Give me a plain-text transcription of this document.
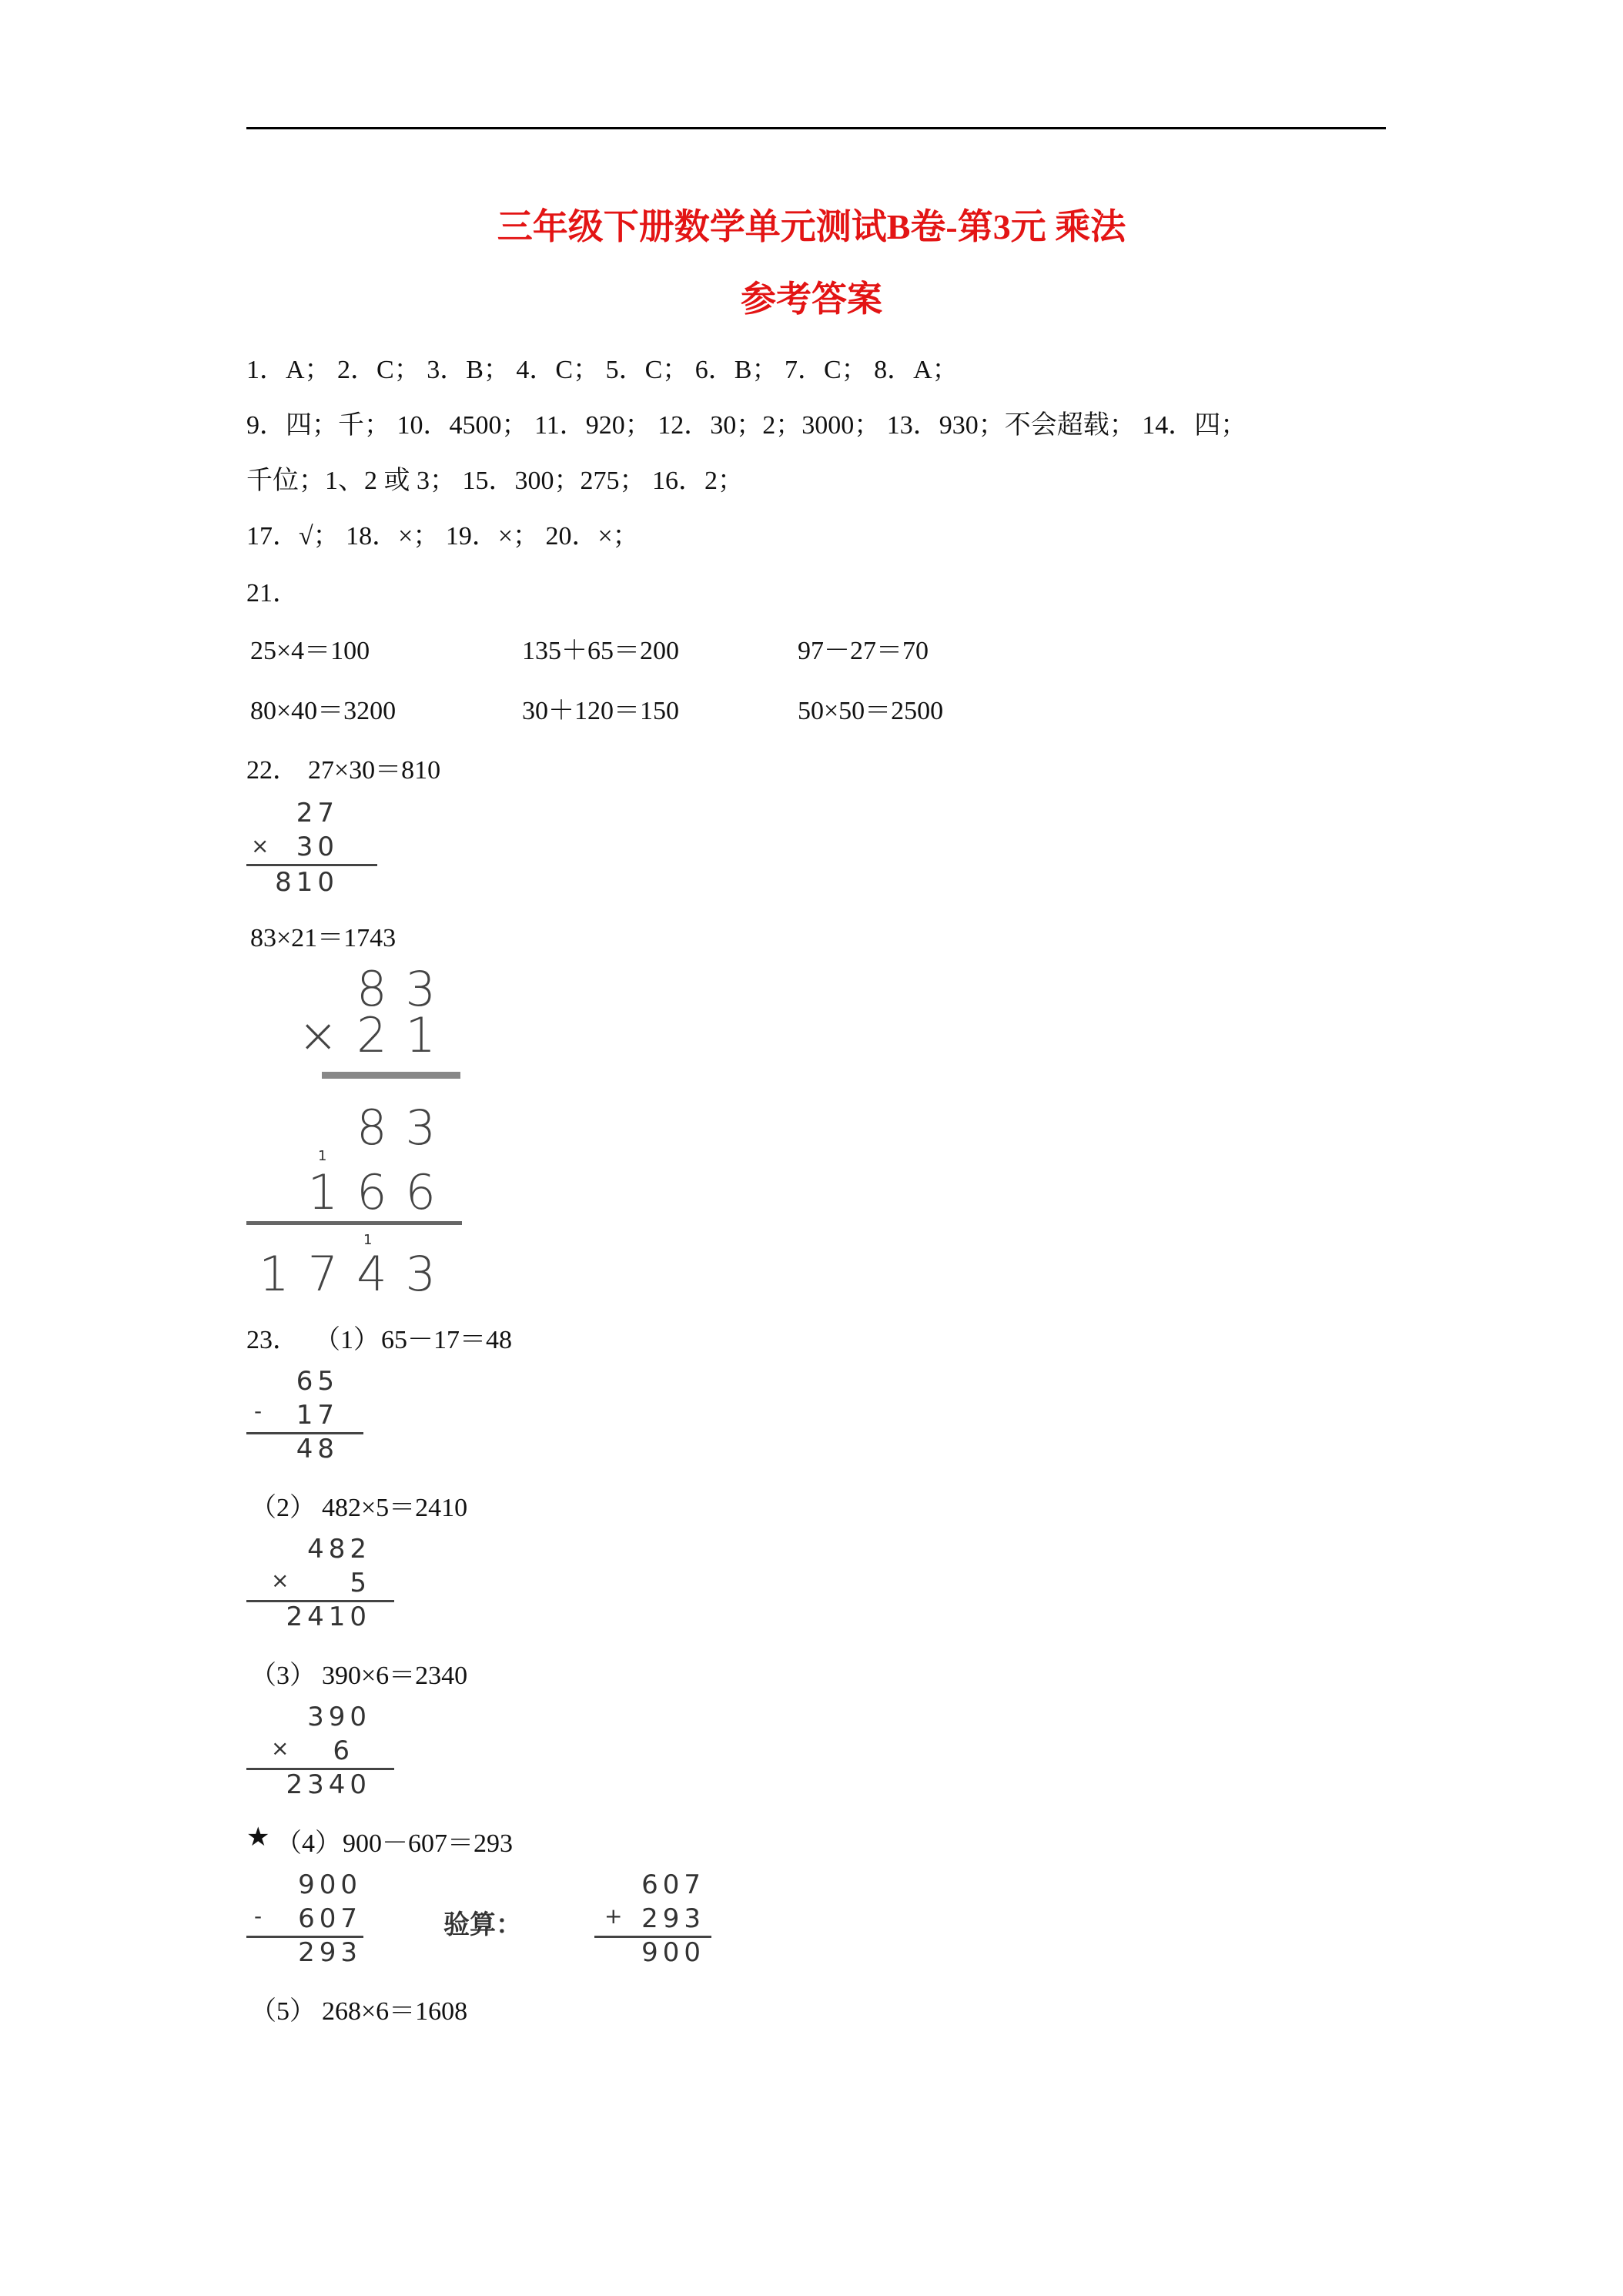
三年级下册数学单元测试B卷-第3元 乘法
参考答案
1．A； 2．C； 3．B； 4．C； 5．C； 6．B； 7．C； 8．A；
9．四；千； 10．4500； 11．920； 12．30；2；3000； 13．930；不会超载； 14．四；
千位；1、2 或 3； 15．300；275； 16．2；
17．√； 18．×； 19．×； 20．×；
21．
25×4＝100	135＋65＝200	97－27＝70
80×40＝3200	30＋120＝150	50×50＝2500
22． 27×30＝810
27
×	30
810
83×21＝1743
83
×21
83
1
166
1
1743
23． （1） 65－17＝48
65
-	17
48
（2） 482×5＝2410
482
×	5
2410
（3） 390×6＝2340
390
×	6
2340
★ （4） 900－607＝293
900
-	607
293
验算：
607
+ 293
900
（5） 268×6＝1608
